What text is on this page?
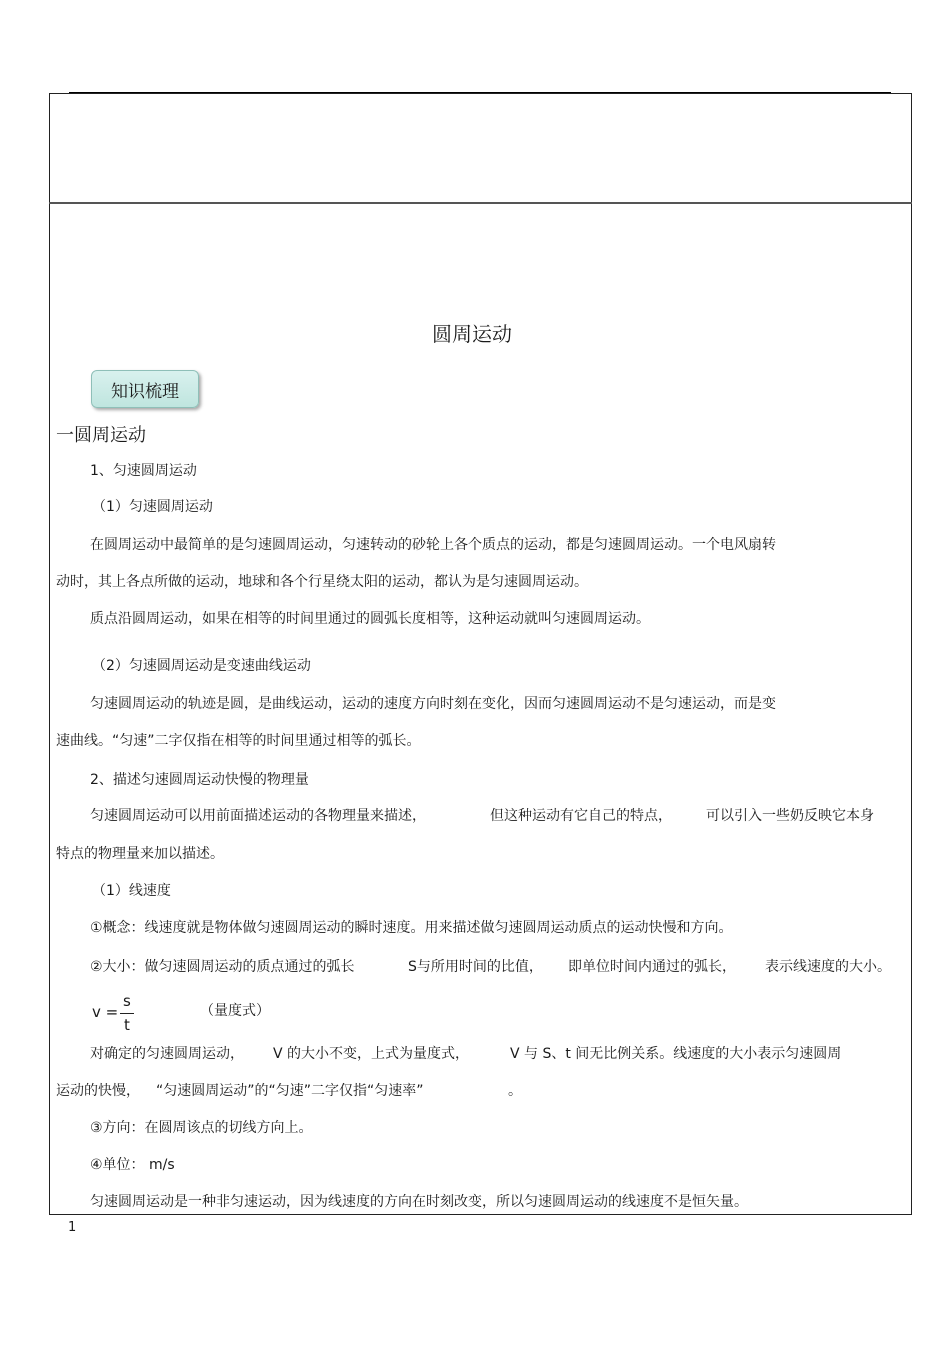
圆周运动
知识梳理
一圆周运动
1、匀速圆周运动
（1）匀速圆周运动
在圆周运动中最简单的是匀速圆周运动，匀速转动的砂轮上各个质点的运动，都是匀速圆周运动。一个电风扇转
动时，其上各点所做的运动，地球和各个行星绕太阳的运动，都认为是匀速圆周运动。
质点沿圆周运动，如果在相等的时间里通过的圆弧长度相等，这种运动就叫匀速圆周运动。
（2）匀速圆周运动是变速曲线运动
匀速圆周运动的轨迹是圆，是曲线运动，运动的速度方向时刻在变化，因而匀速圆周运动不是匀速运动，而是变
速曲线。“匀速”二字仅指在相等的时间里通过相等的弧长。
2、描述匀速圆周运动快慢的物理量
匀速圆周运动可以用前面描述运动的各物理量来描述，	但这种运动有它自己的特点， 可以引入一些奶反映它本身
特点的物理量来加以描述。
（1）线速度
①概念：线速度就是物体做匀速圆周运动的瞬时速度。用来描述做匀速圆周运动质点的运动快慢和方向。
②大小：做匀速圆周运动的质点通过的弧长	S与所用时间的比值， 即单位时间内通过的弧长， 表示线速度的大小。
v =
s
t
（量度式）
对确定的匀速圆周运动， V 的大小不变，上式为量度式，	V 与 S、t 间无比例关系。线速度的大小表示匀速圆周
运动的快慢， “匀速圆周运动”的“匀速”二字仅指“匀速率”	。
③方向：在圆周该点的切线方向上。
④单位： m/s
匀速圆周运动是一种非匀速运动，因为线速度的方向在时刻改变，所以匀速圆周运动的线速度不是恒矢量。
1
